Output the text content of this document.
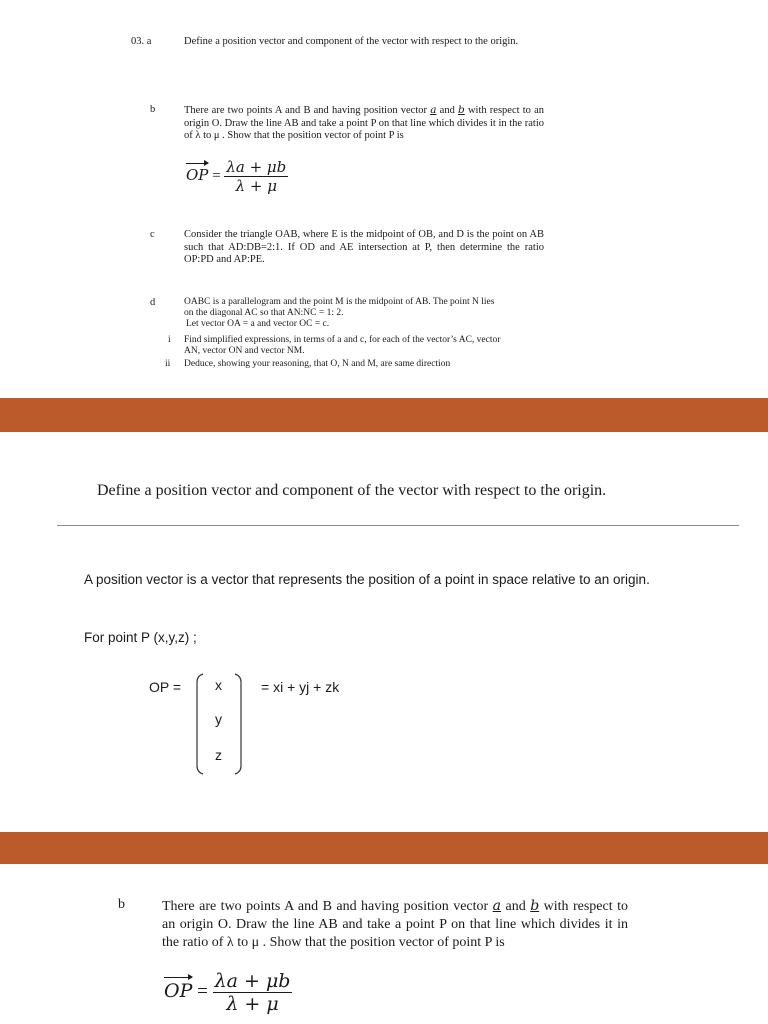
03. a	Define a position vector and component of the vector with respect to the origin.
b	There are two points A and B and having position vector a and b with respect to an origin O. Draw the line AB and take a point P on that line which divides it in the ratio of λ to μ . Show that the position vector of point P is
OP = $\frac{\lambda a + \mu b}{\lambda + \mu}$
c	Consider the triangle OAB, where E is the midpoint of OB, and D is the point on AB such that AD:DB=2:1. If OD and AE intersection at P, then determine the ratio OP:PD and AP:PE.
d	OABC is a parallelogram and the point M is the midpoint of AB. The point N lies
on the diagonal AC so that AN:NC = 1: 2.
Let vector OA = a and vector OC = c.
i Find simplified expressions, in terms of a and c, for each of the vector’s AC, vector
AN, vector ON and vector NM.
ii Deduce, showing your reasoning, that O, N and M, are same direction
Define a position vector and component of the vector with respect to the origin.
A position vector is a vector that represents the position of a point in space relative to an origin.
For point P (x,y,z) ;
OP = x
y
z
= xi + yj + zk
b	There are two points A and B and having position vector a and b with respect to an origin O. Draw the line AB and take a point P on that line which divides it in the ratio of λ to μ . Show that the position vector of point P is
OP = $\frac{\lambda a + \mu b}{\lambda + \mu}$
